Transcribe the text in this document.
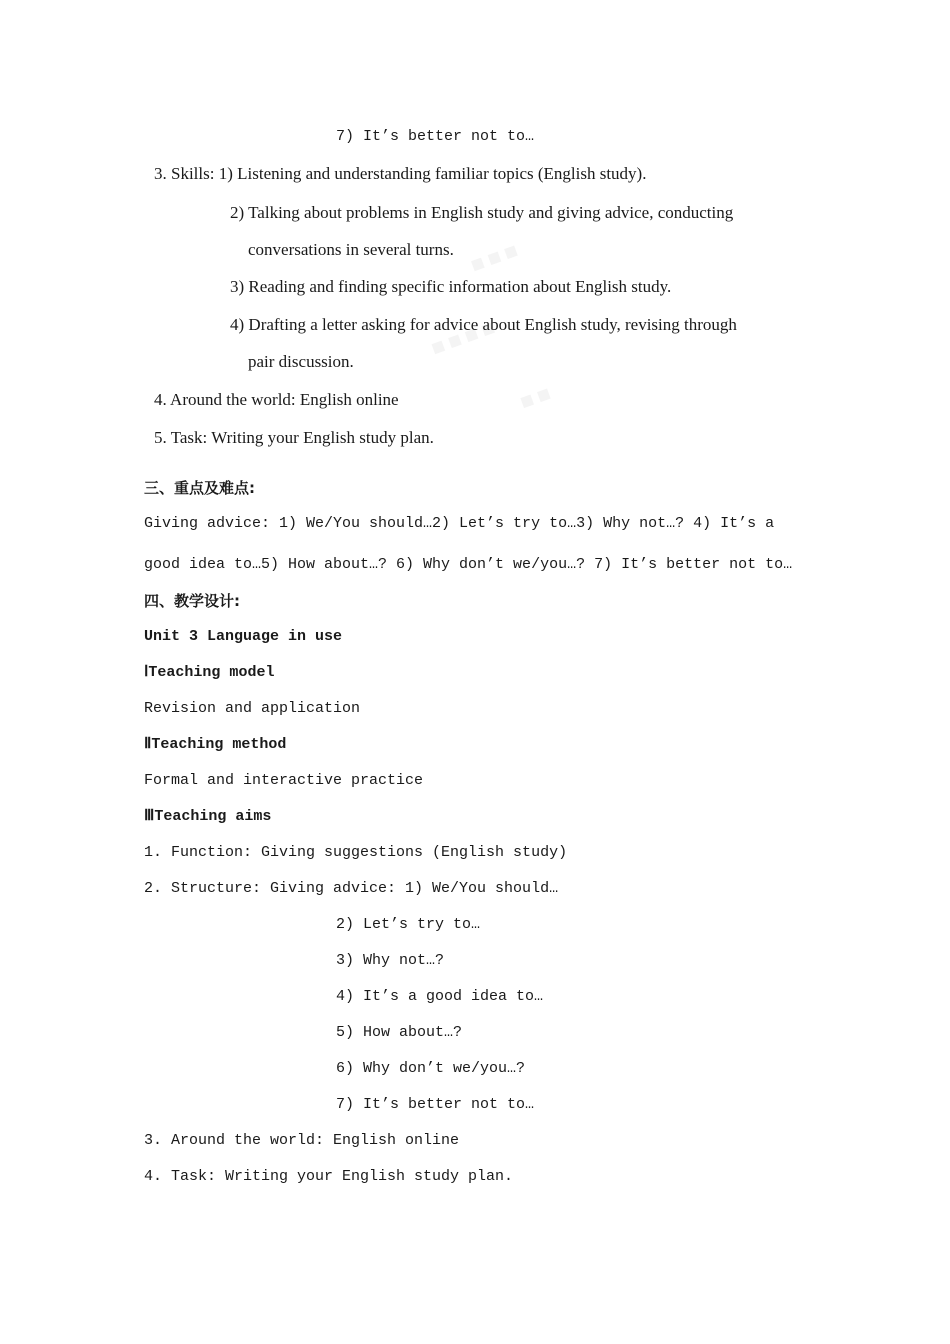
7) It’s better not to…
3. Skills: 1) Listening and understanding familiar topics (English study).
2) Talking about problems in English study and giving advice, conducting
conversations in several turns.
3) Reading and finding specific information about English study.
4) Drafting a letter asking for advice about English study, revising through
pair discussion.
4. Around the world: English online
5. Task: Writing your English study plan.
三、重点及难点:
Giving advice: 1) We/You should…2) Let’s try to…3) Why not…? 4) It’s a
good idea to…5) How about…? 6) Why don’t we/you…? 7) It’s better not to…
四、教学设计:
Unit 3 Language in use
ⅠTeaching model
Revision and application
ⅡTeaching method
Formal and interactive practice
ⅢTeaching aims
1. Function: Giving suggestions (English study)
2. Structure: Giving advice: 1) We/You should…
2) Let’s try to…
3) Why not…?
4) It’s a good idea to…
5) How about…?
6) Why don’t we/you…?
7) It’s better not to…
3. Around the world: English online
4. Task: Writing your English study plan.
